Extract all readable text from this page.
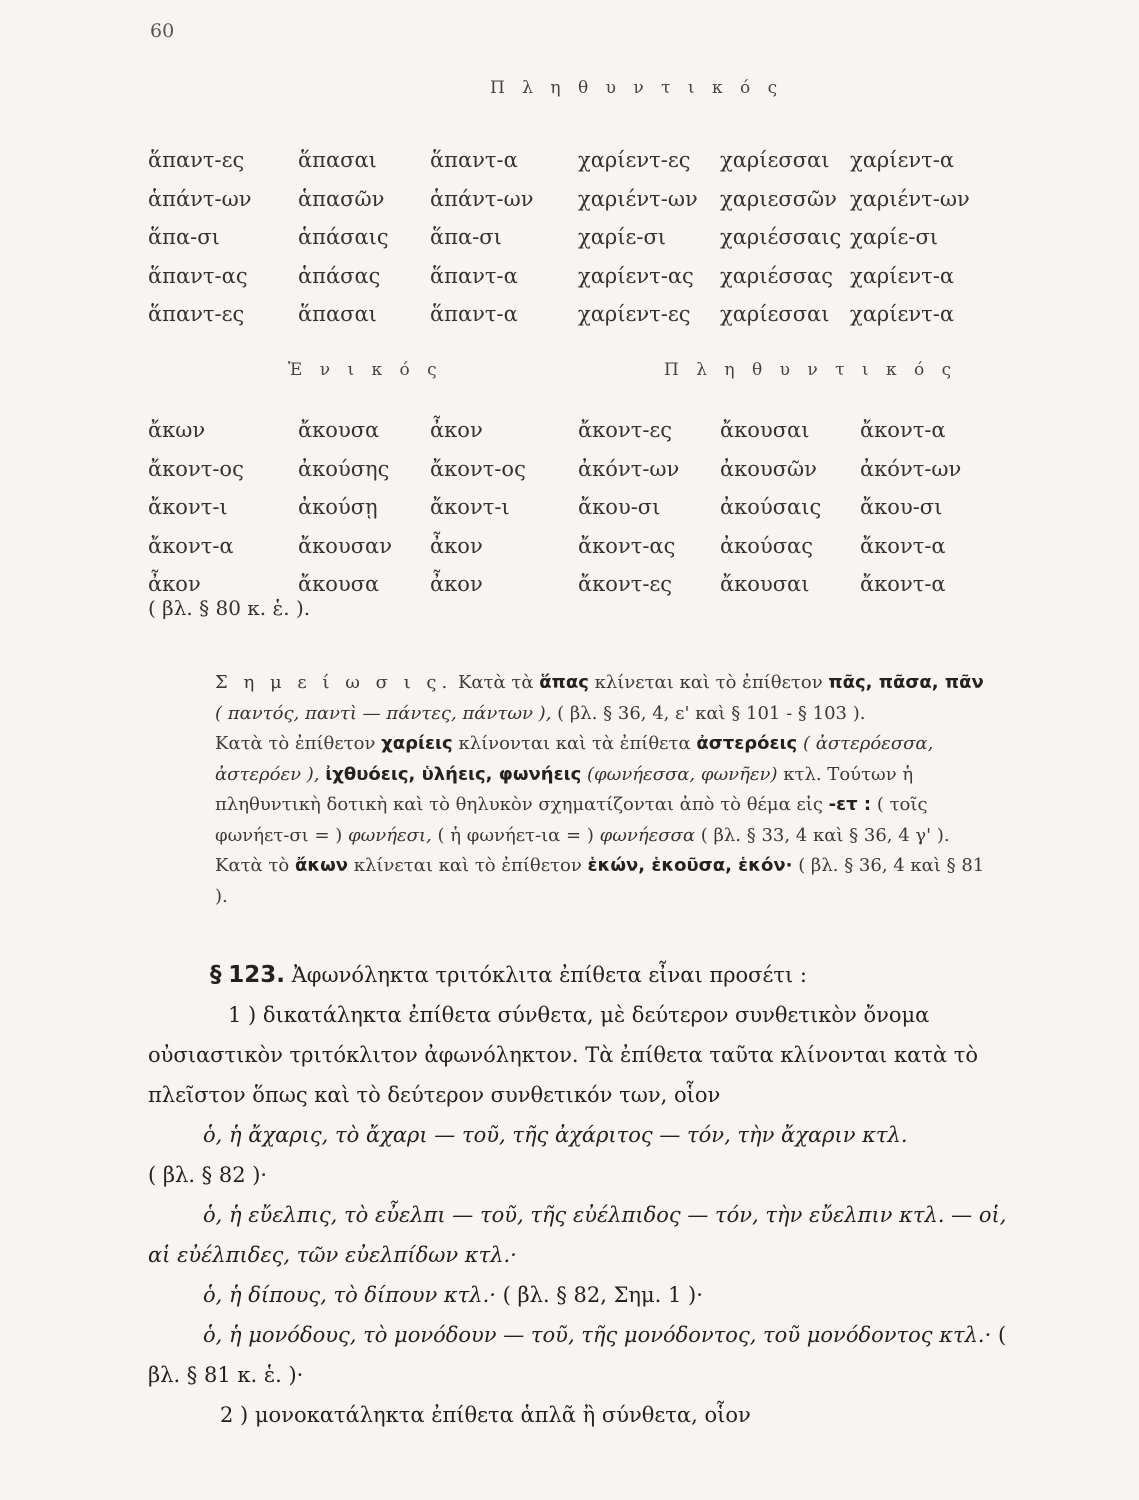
60
Π λ η θ υ ν τ ι κ ό ς
ἅπαντ-ες	ἅπασαι	ἅπαντ-α	χαρίεντ-ες χαρίεσσαι χαρίεντ-α
ἁπάντ-ων ἁπασῶν ἁπάντ-ων χαριέντ-ων χαριεσσῶν χαριέντ-ων
ἅπα-σι	ἁπάσαις ἅπα-σι	χαρίε-σι	χαριέσσαις χαρίε-σι
ἅπαντ-ας ἁπάσας ἅπαντ-α	χαρίεντ-ας χαριέσσας χαρίεντ-α
ἅπαντ-ες	ἅπασαι	ἅπαντ-α	χαρίεντ-ες χαρίεσσαι χαρίεντ-α
Ἑ ν ι κ ό ς	Π λ η θ υ ν τ ι κ ό ς
ἄκων	ἄκουσα ἆκον	ἄκοντ-ες ἄκουσαι ἄκοντ-α
ἄκοντ-ος	ἀκούσης ἄκοντ-ος ἀκόντ-ων ἀκουσῶν ἀκόντ-ων
ἄκοντ-ι	ἀκούσῃ ἄκοντ-ι	ἄκου-σι	ἀκούσαις ἄκου-σι
ἄκοντ-α	ἄκουσαν ἆκον	ἄκοντ-ας ἀκούσας ἄκοντ-α
ἆκον	ἄκουσα ἆκον	ἄκοντ-ες ἄκουσαι ἄκοντ-α
( βλ. § 80 κ. ἑ. ).

Σ η μ ε ί ω σ ι ς. Κατὰ τὰ ἅπας κλίνεται καὶ τὸ ἐπίθετον πᾶς, πᾶσα, πᾶν ( παντός, παντὶ — πάντες, πάντων ), ( βλ. § 36, 4, ε' καὶ § 101 - § 103 ).

Κατὰ τὸ ἐπίθετον χαρίεις κλίνονται καὶ τὰ ἐπίθετα ἀστερόεις ( ἀστερόεσσα, ἀστερόεν ), ἰχθυόεις, ὑλήεις, φωνήεις (φωνήεσσα, φωνῆεν) κτλ. Τούτων ἡ πληθυντικὴ δοτικὴ καὶ τὸ θηλυκὸν σχηματίζονται ἀπὸ τὸ θέμα εἰς -ετ : ( τοῖς φωνήετ-σι = ) φωνήεσι, ( ἡ φωνήετ-ια = ) φωνήεσσα ( βλ. § 33, 4 καὶ § 36, 4 γ' ).

Κατὰ τὸ ἄκων κλίνεται καὶ τὸ ἐπίθετον ἑκών, ἑκοῦσα, ἑκόν· ( βλ. § 36, 4 καὶ § 81 ).

§ 123. Ἀφωνόληκτα τριτόκλιτα ἐπίθετα εἶναι προσέτι :

1 ) δικατάληκτα ἐπίθετα σύνθετα, μὲ δεύτερον συνθετικὸν ὄνομα οὐσιαστικὸν τριτόκλιτον ἀφωνόληκτον. Τὰ ἐπίθετα ταῦτα κλίνονται κατὰ τὸ πλεῖστον ὅπως καὶ τὸ δεύτερον συνθετικόν των, οἷον

ὁ, ἡ ἄχαρις, τὸ ἄχαρι — τοῦ, τῆς ἀχάριτος — τόν, τὴν ἄχαριν κτλ.

( βλ. § 82 )·

ὁ, ἡ εὔελπις, τὸ εὖελπι — τοῦ, τῆς εὐέλπιδος — τόν, τὴν εὔελπιν κτλ. — οἱ, αἱ εὐέλπιδες, τῶν εὐελπίδων κτλ.·

ὁ, ἡ δίπους, τὸ δίπουν κτλ.· ( βλ. § 82, Σημ. 1 )·

ὁ, ἡ μονόδους, τὸ μονόδουν — τοῦ, τῆς μονόδοντος, τοῦ μονόδοντος κτλ.· ( βλ. § 81 κ. ἑ. )·

2 ) μονοκατάληκτα ἐπίθετα ἁπλᾶ ἢ σύνθετα, οἷον
